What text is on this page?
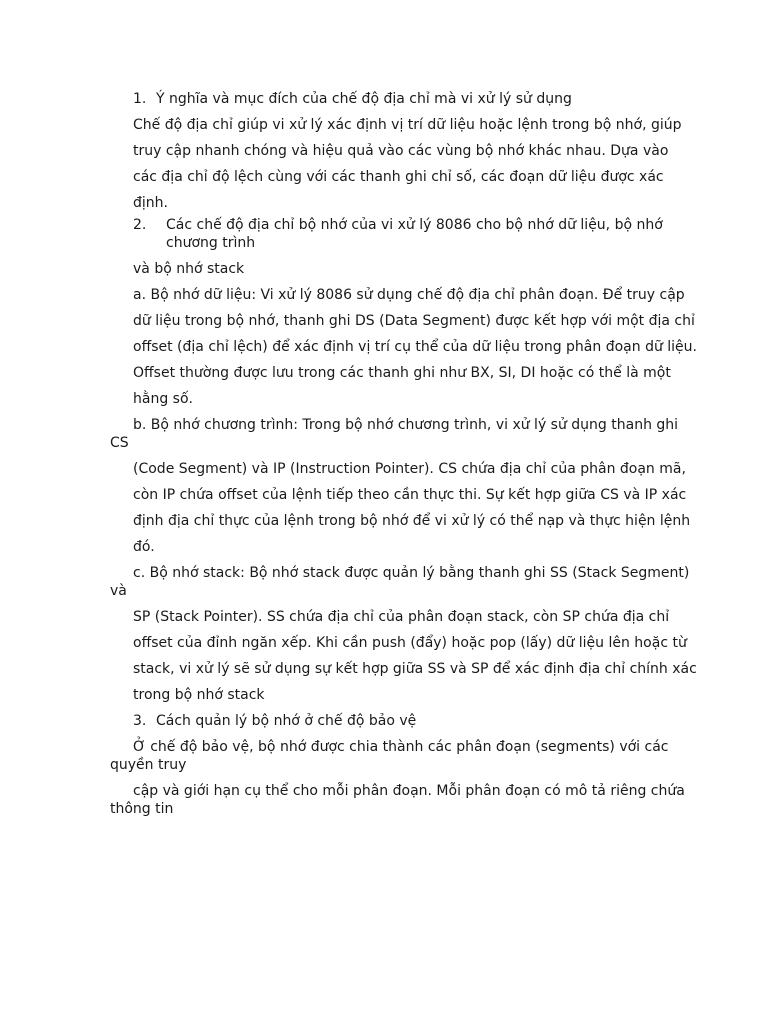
1. Ý nghĩa và mục đích của chế độ địa chỉ mà vi xử lý sử dụng

Chế độ địa chỉ giúp vi xử lý xác định vị trí dữ liệu hoặc lệnh trong bộ nhớ, giúp

truy cập nhanh chóng và hiệu quả vào các vùng bộ nhớ khác nhau. Dựa vào

các địa chỉ độ lệch cùng với các thanh ghi chỉ số, các đoạn dữ liệu được xác

định.

2.	Các chế độ địa chỉ bộ nhớ của vi xử lý 8086 cho bộ nhớ dữ liệu, bộ nhớ chương trình

và bộ nhớ stack

a. Bộ nhớ dữ liệu: Vi xử lý 8086 sử dụng chế độ địa chỉ phân đoạn. Để truy cập

dữ liệu trong bộ nhớ, thanh ghi DS (Data Segment) được kết hợp với một địa chỉ

offset (địa chỉ lệch) để xác định vị trí cụ thể của dữ liệu trong phân đoạn dữ liệu.

Offset thường được lưu trong các thanh ghi như BX, SI, DI hoặc có thể là một

hằng số.

b. Bộ nhớ chương trình: Trong bộ nhớ chương trình, vi xử lý sử dụng thanh ghi CS

(Code Segment) và IP (Instruction Pointer). CS chứa địa chỉ của phân đoạn mã,

còn IP chứa offset của lệnh tiếp theo cần thực thi. Sự kết hợp giữa CS và IP xác

định địa chỉ thực của lệnh trong bộ nhớ để vi xử lý có thể nạp và thực hiện lệnh

đó.

c. Bộ nhớ stack: Bộ nhớ stack được quản lý bằng thanh ghi SS (Stack Segment) và

SP (Stack Pointer). SS chứa địa chỉ của phân đoạn stack, còn SP chứa địa chỉ

offset của đỉnh ngăn xếp. Khi cần push (đẩy) hoặc pop (lấy) dữ liệu lên hoặc từ

stack, vi xử lý sẽ sử dụng sự kết hợp giữa SS và SP để xác định địa chỉ chính xác

trong bộ nhớ stack

3. Cách quản lý bộ nhớ ở chế độ bảo vệ

Ở chế độ bảo vệ, bộ nhớ được chia thành các phân đoạn (segments) với các quyền truy

cập và giới hạn cụ thể cho mỗi phân đoạn. Mỗi phân đoạn có mô tả riêng chứa thông tin
